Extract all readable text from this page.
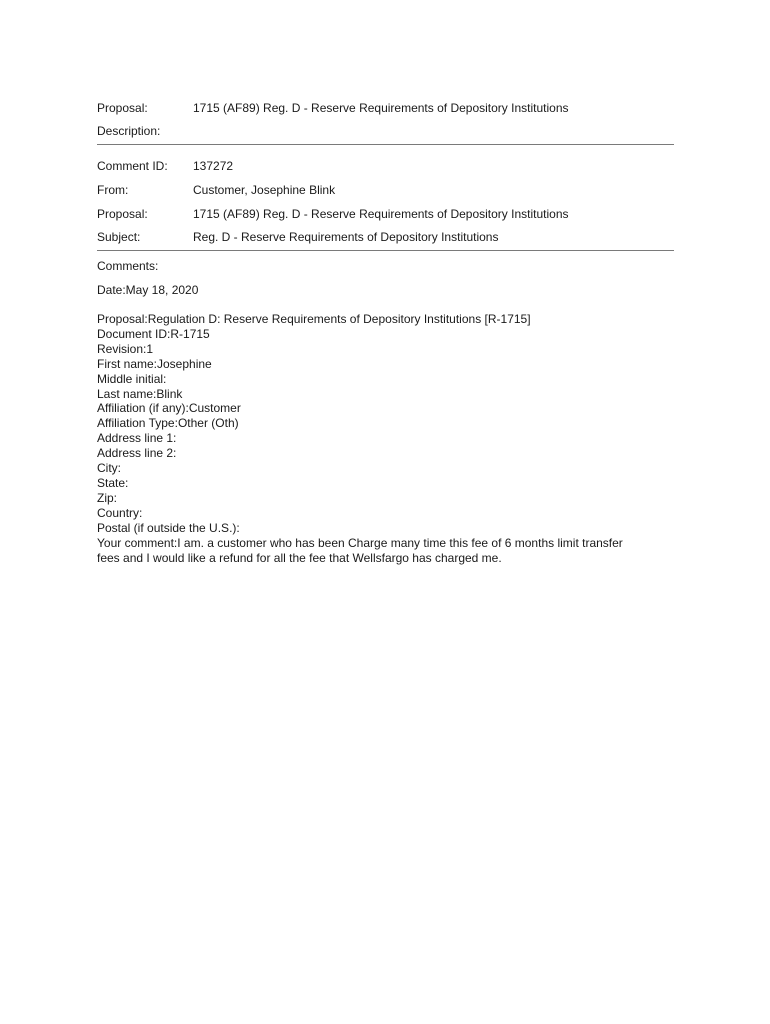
Proposal:	1715 (AF89) Reg. D - Reserve Requirements of Depository Institutions
Description:
Comment ID: 137272
From:	Customer, Josephine Blink
Proposal:	1715 (AF89) Reg. D - Reserve Requirements of Depository Institutions
Subject:	Reg. D - Reserve Requirements of Depository Institutions
Comments:
Date:May 18, 2020
Proposal:Regulation D: Reserve Requirements of Depository Institutions [R-1715]
Document ID:R-1715
Revision:1
First name:Josephine
Middle initial:
Last name:Blink
Affiliation (if any):Customer
Affiliation Type:Other (Oth)
Address line 1:
Address line 2:
City:
State:
Zip:
Country:
Postal (if outside the U.S.):
Your comment:I am. a customer who has been Charge many time this fee of 6 months limit transfer
fees and I would like a refund for all the fee that Wellsfargo has charged me.
